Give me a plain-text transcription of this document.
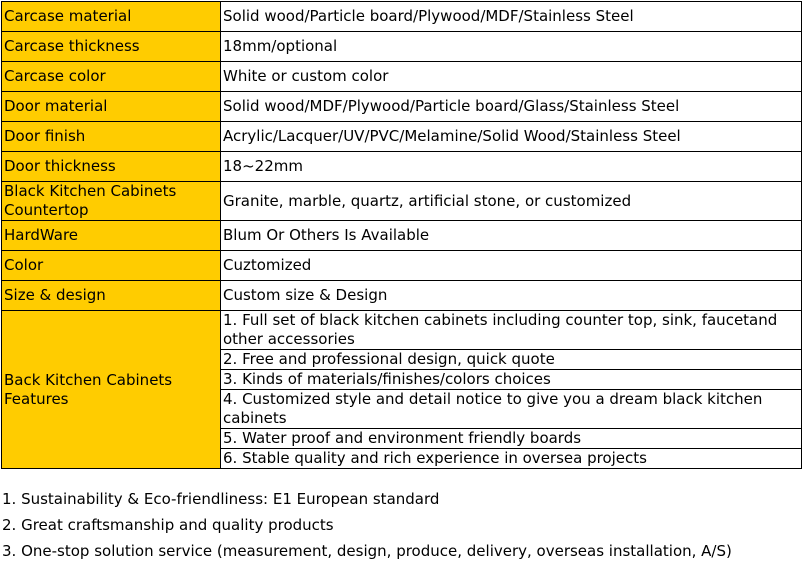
Carcase material	Solid wood/Particle board/Plywood/MDF/Stainless Steel
Carcase thickness	18mm/optional
Carcase color	White or custom color
Door material	Solid wood/MDF/Plywood/Particle board/Glass/Stainless Steel
Door finish	Acrylic/Lacquer/UV/PVC/Melamine/Solid Wood/Stainless Steel
Door thickness	18~22mm
Black Kitchen Cabinets Countertop	Granite, marble, quartz, artificial stone, or customized
HardWare	Blum Or Others Is Available
Color	Cuztomized
Size & design	Custom size & Design
Back Kitchen Cabinets Features	1. Full set of black kitchen cabinets including counter top, sink, faucetand other accessories
	2. Free and professional design, quick quote
	3. Kinds of materials/finishes/colors choices
	4. Customized style and detail notice to give you a dream black kitchen cabinets
	5. Water proof and environment friendly boards
	6. Stable quality and rich experience in oversea projects
1. Sustainability & Eco-friendliness: E1 European standard
2. Great craftsmanship and quality products
3. One-stop solution service (measurement, design, produce, delivery, overseas installation, A/S)
